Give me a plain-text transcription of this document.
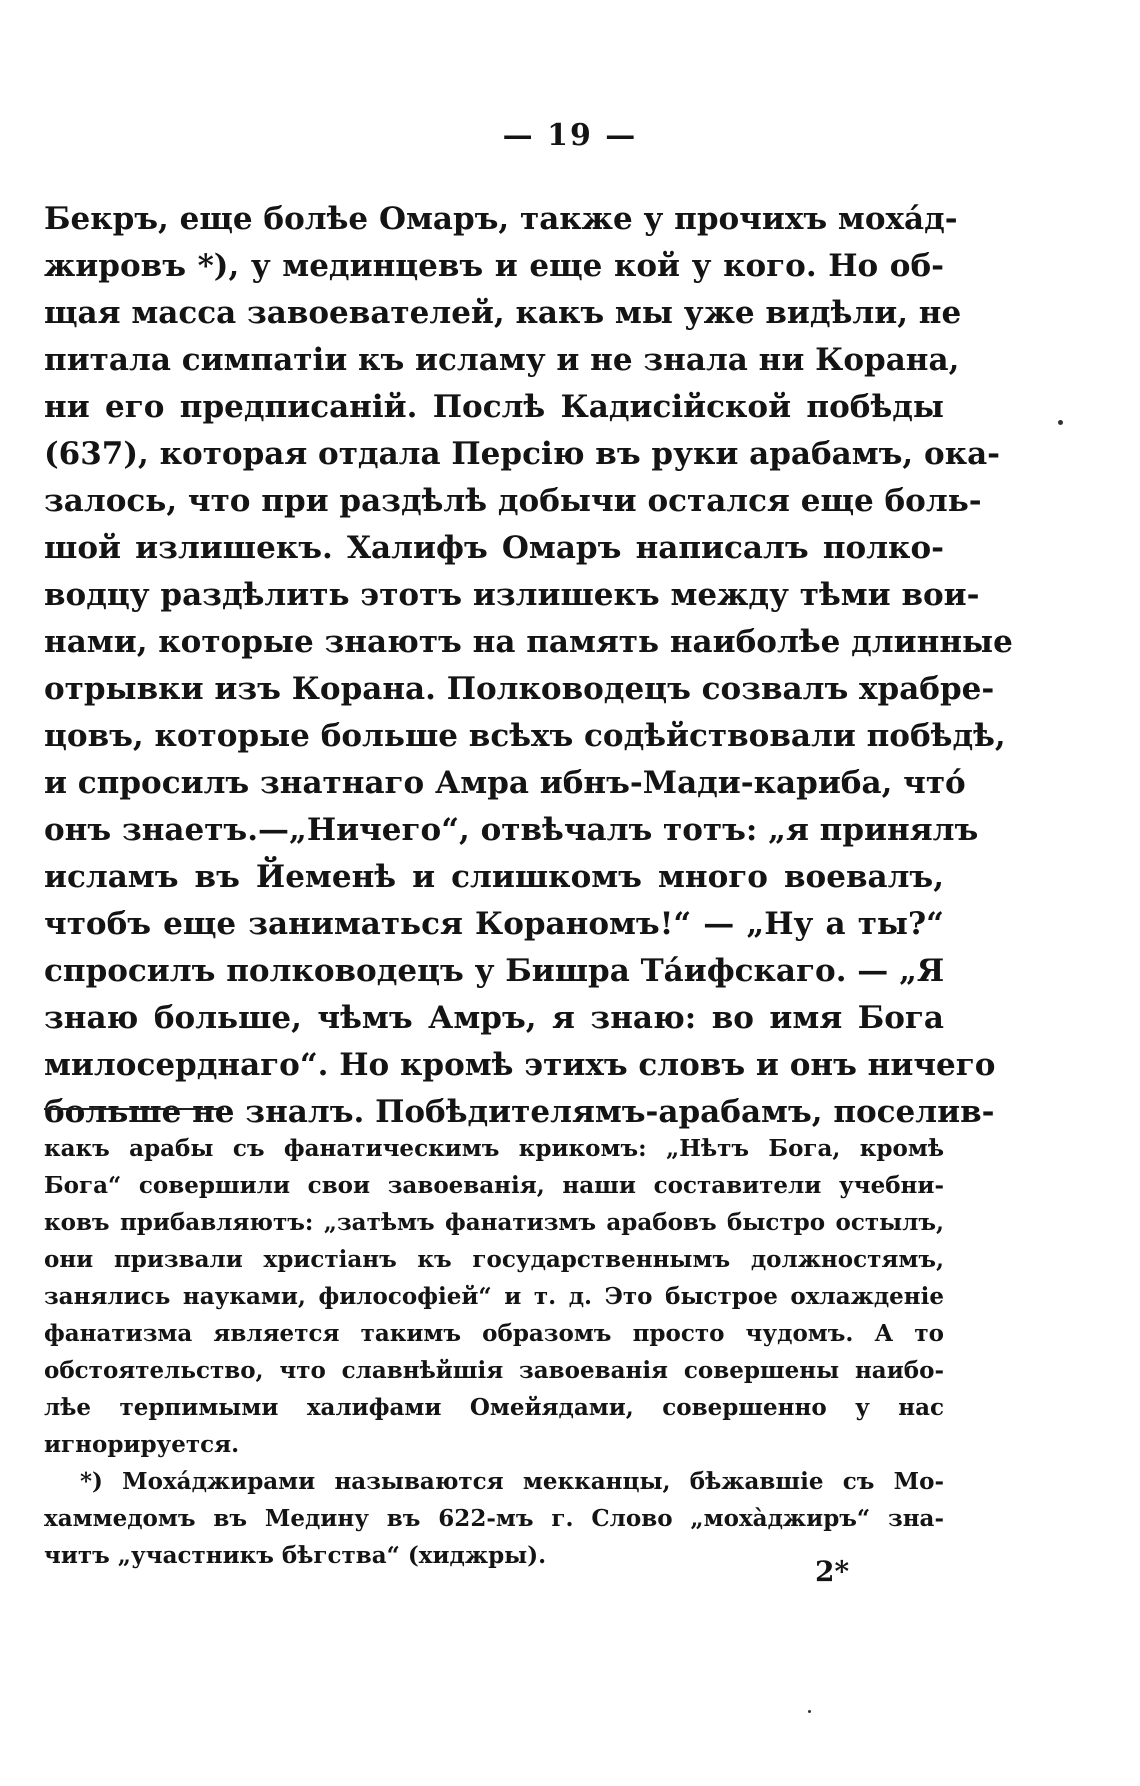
— 19 —
Бекръ, еще болѣе Омаръ, также у прочихъ моха́д-
жировъ *), у мединцевъ и еще кой у кого. Но об-
щая масса завоевателей, какъ мы уже видѣли, не
питала симпатіи къ исламу и не знала ни Корана,
ни его предписаній. Послѣ Кадисійской побѣды
(637), которая отдала Персію въ руки арабамъ, ока-
залось, что при раздѣлѣ добычи остался еще боль-
шой излишекъ. Халифъ Омаръ написалъ полко-
водцу раздѣлить этотъ излишекъ между тѣми вои-
нами, которые знаютъ на память наиболѣе длинные
отрывки изъ Корана. Полководецъ созвалъ храбре-
цовъ, которые больше всѣхъ содѣйствовали побѣдѣ,
и спросилъ знатнаго Амра ибнъ-Мади-кариба, что́
онъ знаетъ.—„Ничего“, отвѣчалъ тотъ: „я принялъ
исламъ въ Йеменѣ и слишкомъ много воевалъ,
чтобъ еще заниматься Кораномъ!“ — „Ну а ты?“
спросилъ полководецъ у Бишра Та́ифскаго. — „Я
знаю больше, чѣмъ Амръ, я знаю: во имя Бога
милосерднаго“. Но кромѣ этихъ словъ и онъ ничего
больше не зналъ. Побѣдителямъ-арабамъ, поселив-
какъ арабы съ фанатическимъ крикомъ: „Нѣтъ Бога, кромѣ
Бога“ совершили свои завоеванія, наши составители учебни-
ковъ прибавляютъ: „затѣмъ фанатизмъ арабовъ быстро остылъ,
они призвали христіанъ къ государственнымъ должностямъ,
занялись науками, философіей“ и т. д. Это быстрое охлажденіе
фанатизма является такимъ образомъ просто чудомъ. А то
обстоятельство, что славнѣйшія завоеванія совершены наибо-
лѣе терпимыми халифами Омейядами, совершенно у нас
игнорируется.
*) Моха́джирами называются мекканцы, бѣжавшіе съ Мо-
хаммедомъ въ Медину въ 622-мъ г. Слово „моха̀джиръ“ зна-
читъ „участникъ бѣгства“ (хиджры).	2*
